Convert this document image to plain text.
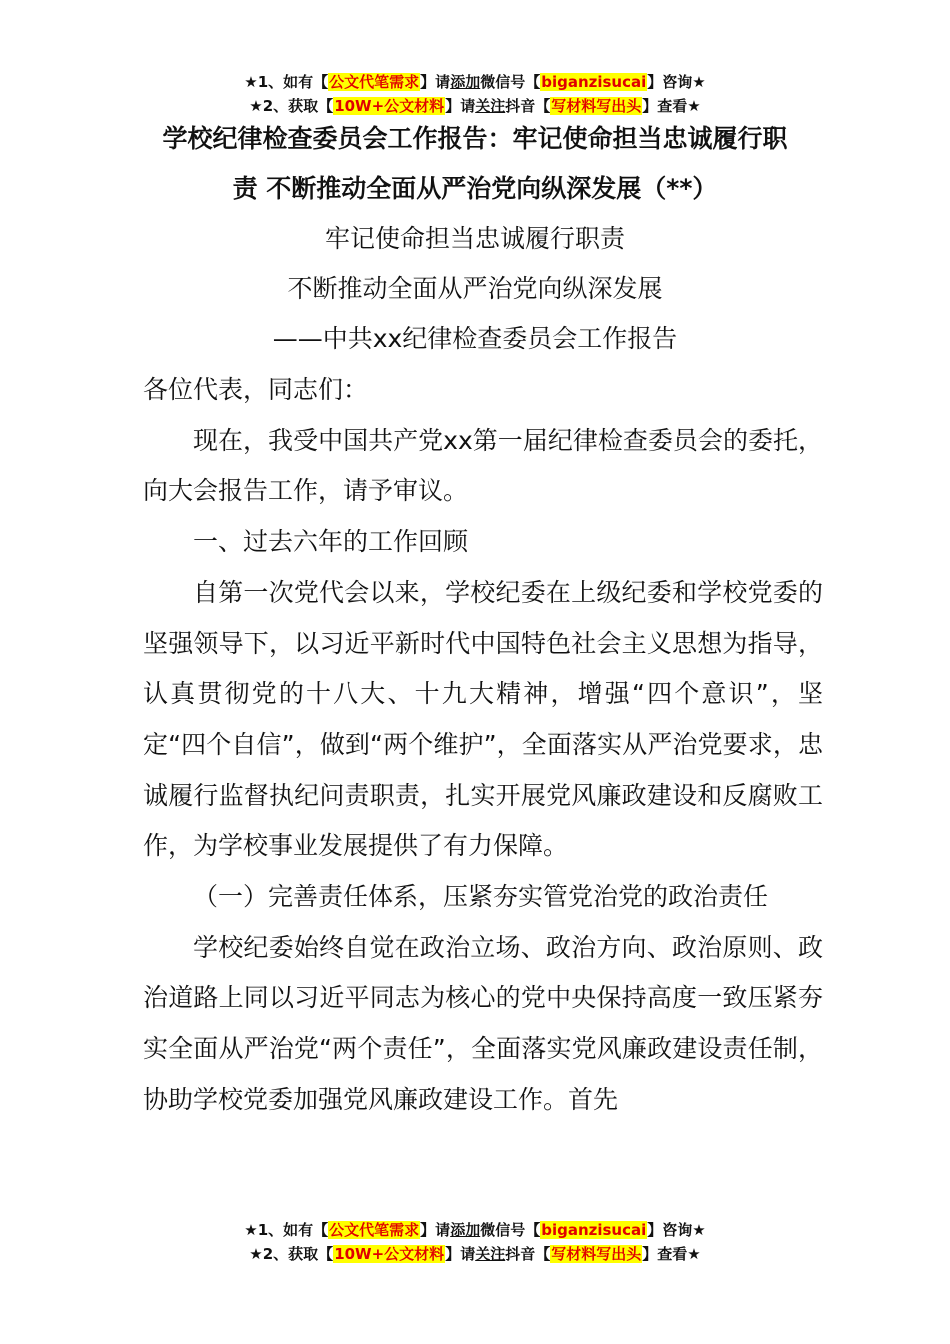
★1、如有【公文代笔需求】请添加微信号【biganzisucai】咨询★
★2、获取【10W+公文材料】请关注抖音【写材料写出头】查看★
学校纪律检查委员会工作报告：牢记使命担当忠诚履行职
责 不断推动全面从严治党向纵深发展（**）
牢记使命担当忠诚履行职责
不断推动全面从严治党向纵深发展
——中共xx纪律检查委员会工作报告

各位代表，同志们：

现在，我受中国共产党xx第一届纪律检查委员会的委托，向大会报告工作，请予审议。

一、过去六年的工作回顾

自第一次党代会以来，学校纪委在上级纪委和学校党委的坚强领导下，以习近平新时代中国特色社会主义思想为指导，认真贯彻党的十八大、十九大精神，增强“四个意识”，坚定“四个自信”，做到“两个维护”，全面落实从严治党要求，忠诚履行监督执纪问责职责，扎实开展党风廉政建设和反腐败工作，为学校事业发展提供了有力保障。

（一）完善责任体系，压紧夯实管党治党的政治责任

学校纪委始终自觉在政治立场、政治方向、政治原则、政治道路上同以习近平同志为核心的党中央保持高度一致压紧夯实全面从严治党“两个责任”，全面落实党风廉政建设责任制，协助学校党委加强党风廉政建设工作。首先

★1、如有【公文代笔需求】请添加微信号【biganzisucai】咨询★
★2、获取【10W+公文材料】请关注抖音【写材料写出头】查看★
